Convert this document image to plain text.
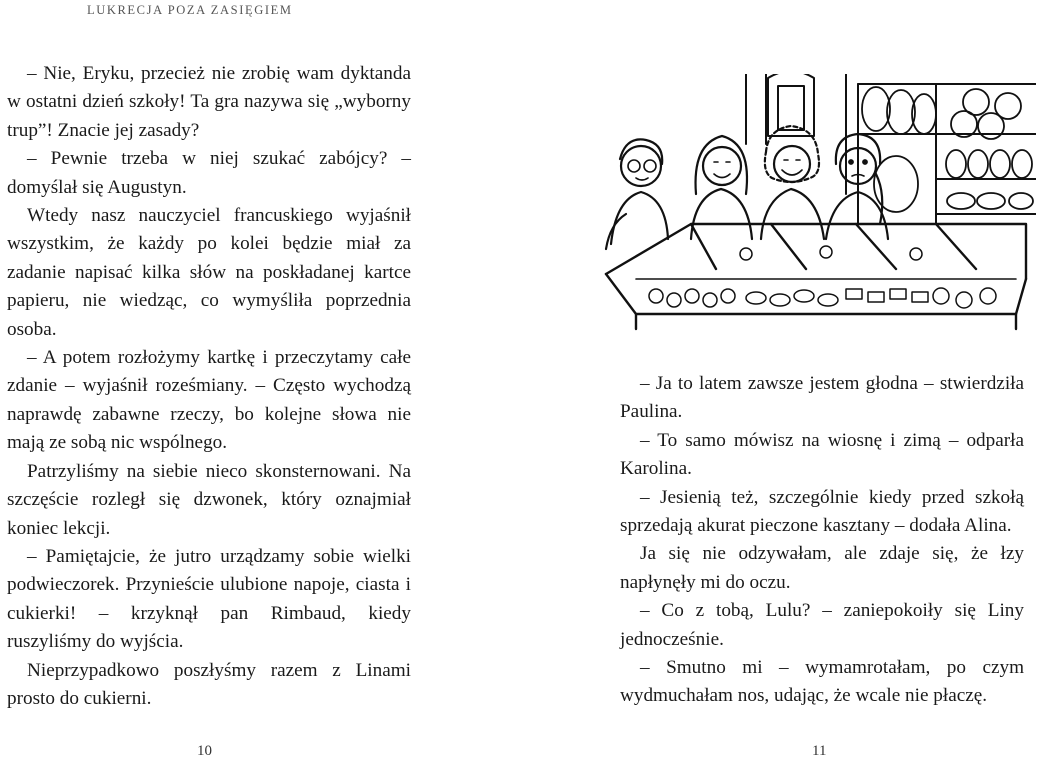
LUKRECJA POZA ZASIĘGIEM

– Nie, Eryku, przecież nie zrobię wam dyktanda w ostatni dzień szkoły! Ta gra nazywa się „wyborny trup”! Znacie jej zasady?

– Pewnie trzeba w niej szukać zabójcy? – domyślał się Augustyn.

Wtedy nasz nauczyciel francuskiego wyjaśnił wszystkim, że każdy po kolei będzie miał za zadanie napisać kilka słów na poskładanej kartce papieru, nie wiedząc, co wymyśliła poprzednia osoba.

– A potem rozłożymy kartkę i przeczytamy całe zdanie – wyjaśnił roześmiany. – Często wychodzą naprawdę zabawne rzeczy, bo kolejne słowa nie mają ze sobą nic wspólnego.

Patrzyliśmy na siebie nieco skonsternowani. Na szczęście rozległ się dzwonek, który oznajmiał koniec lekcji.

– Pamiętajcie, że jutro urządzamy sobie wielki podwieczorek. Przynieście ulubione napoje, ciasta i cukierki! – krzyknął pan Rimbaud, kiedy ruszyliśmy do wyjścia.

Nieprzypadkowo poszłyśmy razem z Linami prosto do cukierni.

– Ja to latem zawsze jestem głodna – stwierdziła Paulina.

– To samo mówisz na wiosnę i zimą – odparła Karolina.

– Jesienią też, szczególnie kiedy przed szkołą sprzedają akurat pieczone kasztany – dodała Alina.

Ja się nie odzywałam, ale zdaje się, że łzy napłynęły mi do oczu.

– Co z tobą, Lulu? – zaniepokoiły się Liny jednocześnie.

– Smutno mi – wymamrotałam, po czym wydmuchałam nos, udając, że wcale nie płaczę.

10	11
